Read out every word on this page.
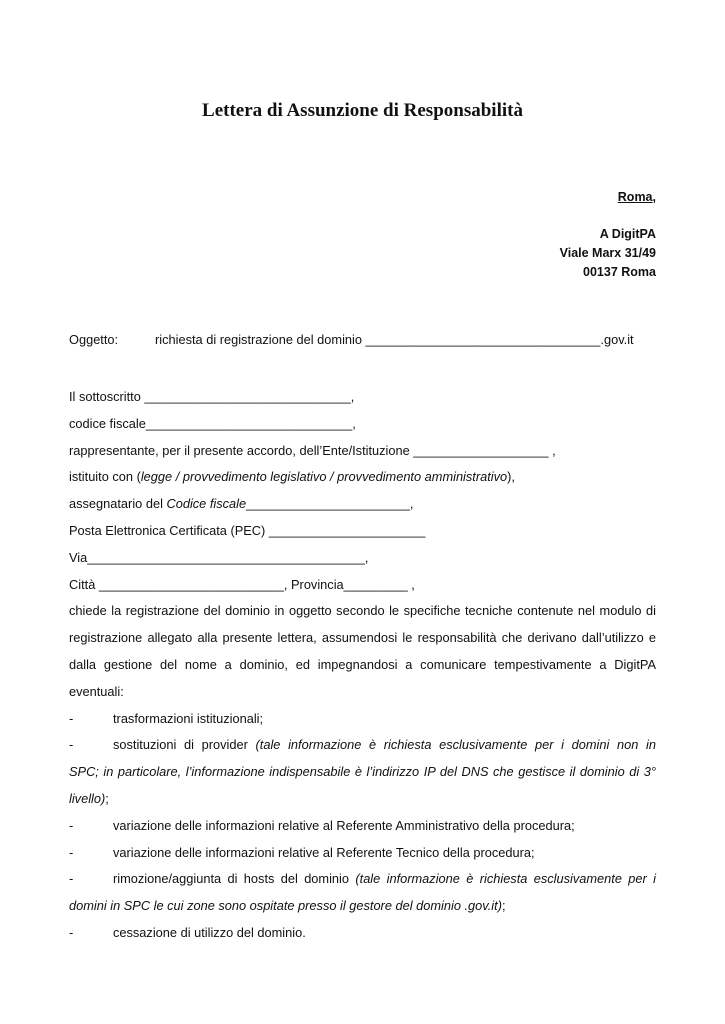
Lettera di Assunzione di Responsabilità
Roma,
A DigitPA
Viale Marx 31/49
00137 Roma
Oggetto:	richiesta di registrazione del dominio _________________________________.gov.it

Il sottoscritto _____________________________,

codice fiscale_____________________________,

rappresentante, per il presente accordo, dell’Ente/Istituzione ___________________ ,

istituito con (legge / provvedimento legislativo / provvedimento amministrativo),

assegnatario del Codice fiscale_______________________,

Posta Elettronica Certificata (PEC) ______________________

Via_______________________________________,

Città __________________________, Provincia_________ ,

chiede la registrazione del dominio in oggetto secondo le specifiche tecniche contenute nel modulo di registrazione allegato alla presente lettera, assumendosi le responsabilità che derivano dall’utilizzo e dalla gestione del nome a dominio, ed impegnandosi a comunicare tempestivamente a DigitPA eventuali:

-	trasformazioni istituzionali;
-	sostituzioni di provider (tale informazione è richiesta esclusivamente per i domini non in

SPC; in particolare, l’informazione indispensabile è l’indirizzo IP del DNS che gestisce il dominio di 3° livello);

-	variazione delle informazioni relative al Referente Amministrativo della procedura;
-	variazione delle informazioni relative al Referente Tecnico della procedura;
-	rimozione/aggiunta di hosts del dominio (tale informazione è richiesta esclusivamente per i

domini in SPC le cui zone sono ospitate presso il gestore del dominio .gov.it);

-	cessazione di utilizzo del dominio.
